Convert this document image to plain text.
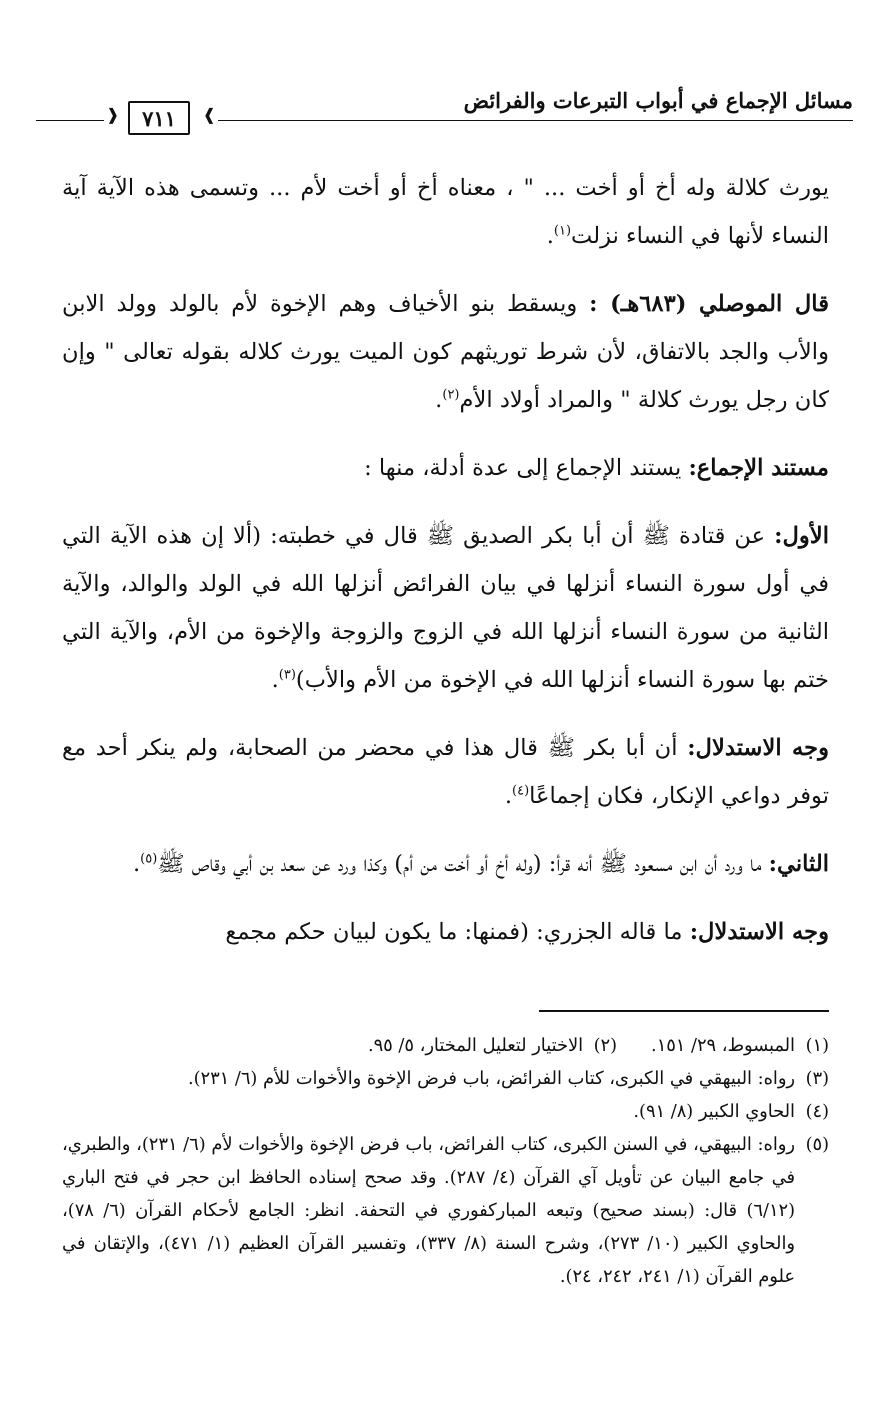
مسائل الإجماع في أبواب التبرعات والفرائض
❰	٧١١	❱

يورث كلالة وله أخ أو أخت ... " ، معناه أخ أو أخت لأم ... وتسمى هذه الآية آية النساء لأنها في النساء نزلت$^{(١)}$.

قال الموصلي (٦٨٣هـ) : ويسقط بنو الأخياف وهم الإخوة لأم بالولد وولد الابن والأب والجد بالاتفاق، لأن شرط توريثهم كون الميت يورث كلاله بقوله تعالى " وإن كان رجل يورث كلالة " والمراد أولاد الأم$^{(٢)}$.

مستند الإجماع: يستند الإجماع إلى عدة أدلة، منها :

الأول: عن قتادة ﷺ أن أبا بكر الصديق ﷺ قال في خطبته: (ألا إن هذه الآية التي في أول سورة النساء أنزلها في بيان الفرائض أنزلها الله في الولد والوالد، والآية الثانية من سورة النساء أنزلها الله في الزوج والزوجة والإخوة من الأم، والآية التي ختم بها سورة النساء أنزلها الله في الإخوة من الأم والأب)$^{(٣)}$.

وجه الاستدلال: أن أبا بكر ﷺ قال هذا في محضر من الصحابة، ولم ينكر أحد مع توفر دواعي الإنكار، فكان إجماعًا$^{(٤)}$.

الثاني: ما ورد أن ابن مسعود ﷺ أنه قرأ: (وله أخ أو أخت من أم) وكذا ورد عن سعد بن أبي وقاص ﷺ$^{(٥)}$.

وجه الاستدلال: ما قاله الجزري: (فمنها: ما يكون لبيان حكم مجمع

(١)
المبسوط، ٢٩/ ١٥١.
(٢)
الاختيار لتعليل المختار، ٥/ ٩٥.
(٣)
رواه: البيهقي في الكبرى، كتاب الفرائض، باب فرض الإخوة والأخوات للأم (٦/ ٢٣١).
(٤)
الحاوي الكبير (٨/ ٩١).
(٥)
رواه: البيهقي، في السنن الكبرى، كتاب الفرائض، باب فرض الإخوة والأخوات لأم (٦/ ٢٣١)، والطبري، في جامع البيان عن تأويل آي القرآن (٤/ ٢٨٧). وقد صحح إسناده الحافظ ابن حجر في فتح الباري (٦/١٢) قال: (بسند صحيح) وتبعه المباركفوري في التحفة. انظر: الجامع لأحكام القرآن (٦/ ٧٨)، والحاوي الكبير (١٠/ ٢٧٣)، وشرح السنة (٨/ ٣٣٧)، وتفسير القرآن العظيم (١/ ٤٧١)، والإتقان في علوم القرآن (١/ ٢٤١، ٢٤٢، ٢٤).
